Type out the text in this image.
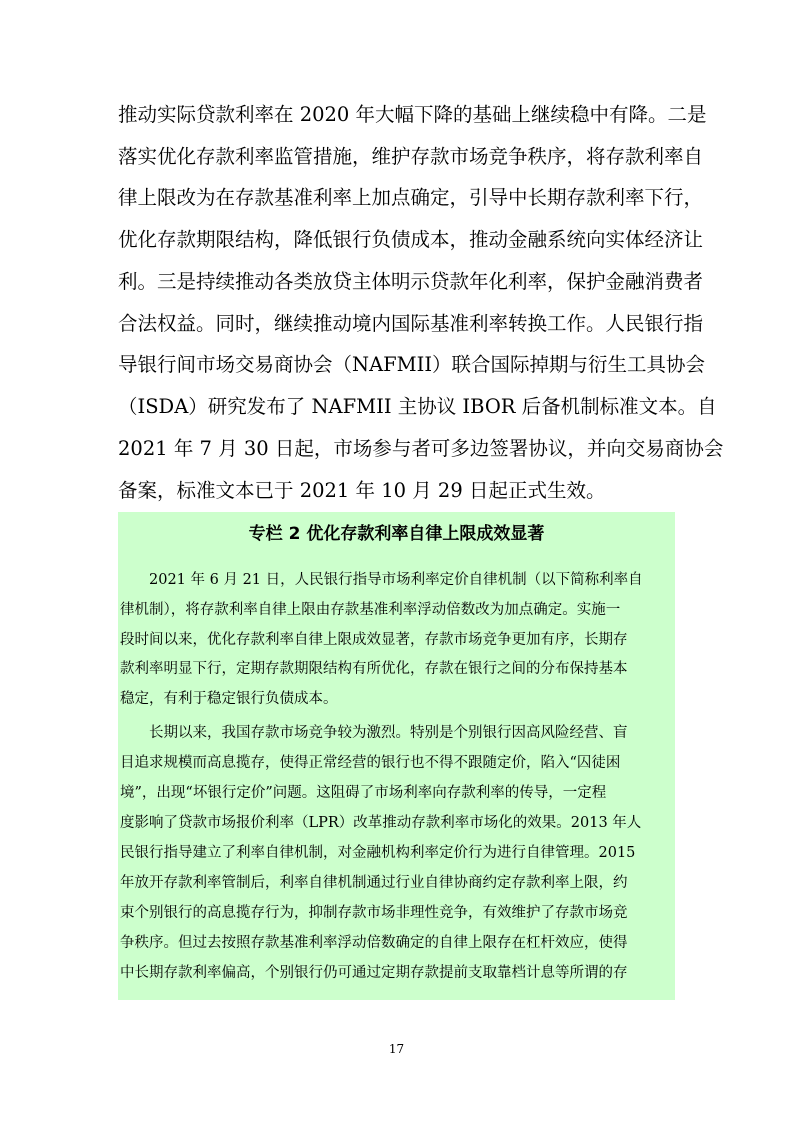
推动实际贷款利率在 2020 年大幅下降的基础上继续稳中有降。二是
落实优化存款利率监管措施，维护存款市场竞争秩序，将存款利率自
律上限改为在存款基准利率上加点确定，引导中长期存款利率下行，
优化存款期限结构，降低银行负债成本，推动金融系统向实体经济让
利。三是持续推动各类放贷主体明示贷款年化利率，保护金融消费者
合法权益。同时，继续推动境内国际基准利率转换工作。人民银行指
导银行间市场交易商协会（NAFMII）联合国际掉期与衍生工具协会
（ISDA）研究发布了 NAFMII 主协议 IBOR 后备机制标准文本。自
2021 年 7 月 30 日起，市场参与者可多边签署协议，并向交易商协会
备案，标准文本已于 2021 年 10 月 29 日起正式生效。
专栏 2 优化存款利率自律上限成效显著
　　2021 年 6 月 21 日，人民银行指导市场利率定价自律机制（以下简称利率自
律机制），将存款利率自律上限由存款基准利率浮动倍数改为加点确定。实施一
段时间以来，优化存款利率自律上限成效显著，存款市场竞争更加有序，长期存
款利率明显下行，定期存款期限结构有所优化，存款在银行之间的分布保持基本
稳定，有利于稳定银行负债成本。
　　长期以来，我国存款市场竞争较为激烈。特别是个别银行因高风险经营、盲
目追求规模而高息揽存，使得正常经营的银行也不得不跟随定价，陷入“囚徒困
境”，出现“坏银行定价”问题。这阻碍了市场利率向存款利率的传导，一定程
度影响了贷款市场报价利率（LPR）改革推动存款利率市场化的效果。2013 年人
民银行指导建立了利率自律机制，对金融机构利率定价行为进行自律管理。2015
年放开存款利率管制后，利率自律机制通过行业自律协商约定存款利率上限，约
束个别银行的高息揽存行为，抑制存款市场非理性竞争，有效维护了存款市场竞
争秩序。但过去按照存款基准利率浮动倍数确定的自律上限存在杠杆效应，使得
中长期存款利率偏高，个别银行仍可通过定期存款提前支取靠档计息等所谓的存
17
